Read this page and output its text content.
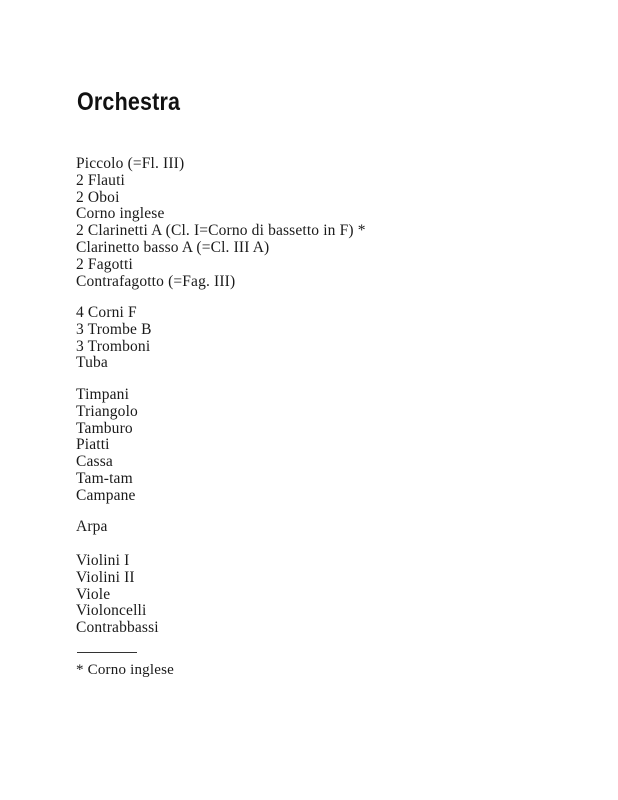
Orchestra
Piccolo (=Fl. III)
2 Flauti
2 Oboi
Corno inglese
2 Clarinetti A (Cl. I=Corno di bassetto in F) *
Clarinetto basso A (=Cl. III A)
2 Fagotti
Contrafagotto (=Fag. III)
4 Corni F
3 Trombe B
3 Tromboni
Tuba
Timpani
Triangolo
Tamburo
Piatti
Cassa
Tam-tam
Campane
Arpa
Violini I
Violini II
Viole
Violoncelli
Contrabbassi

* Corno inglese
